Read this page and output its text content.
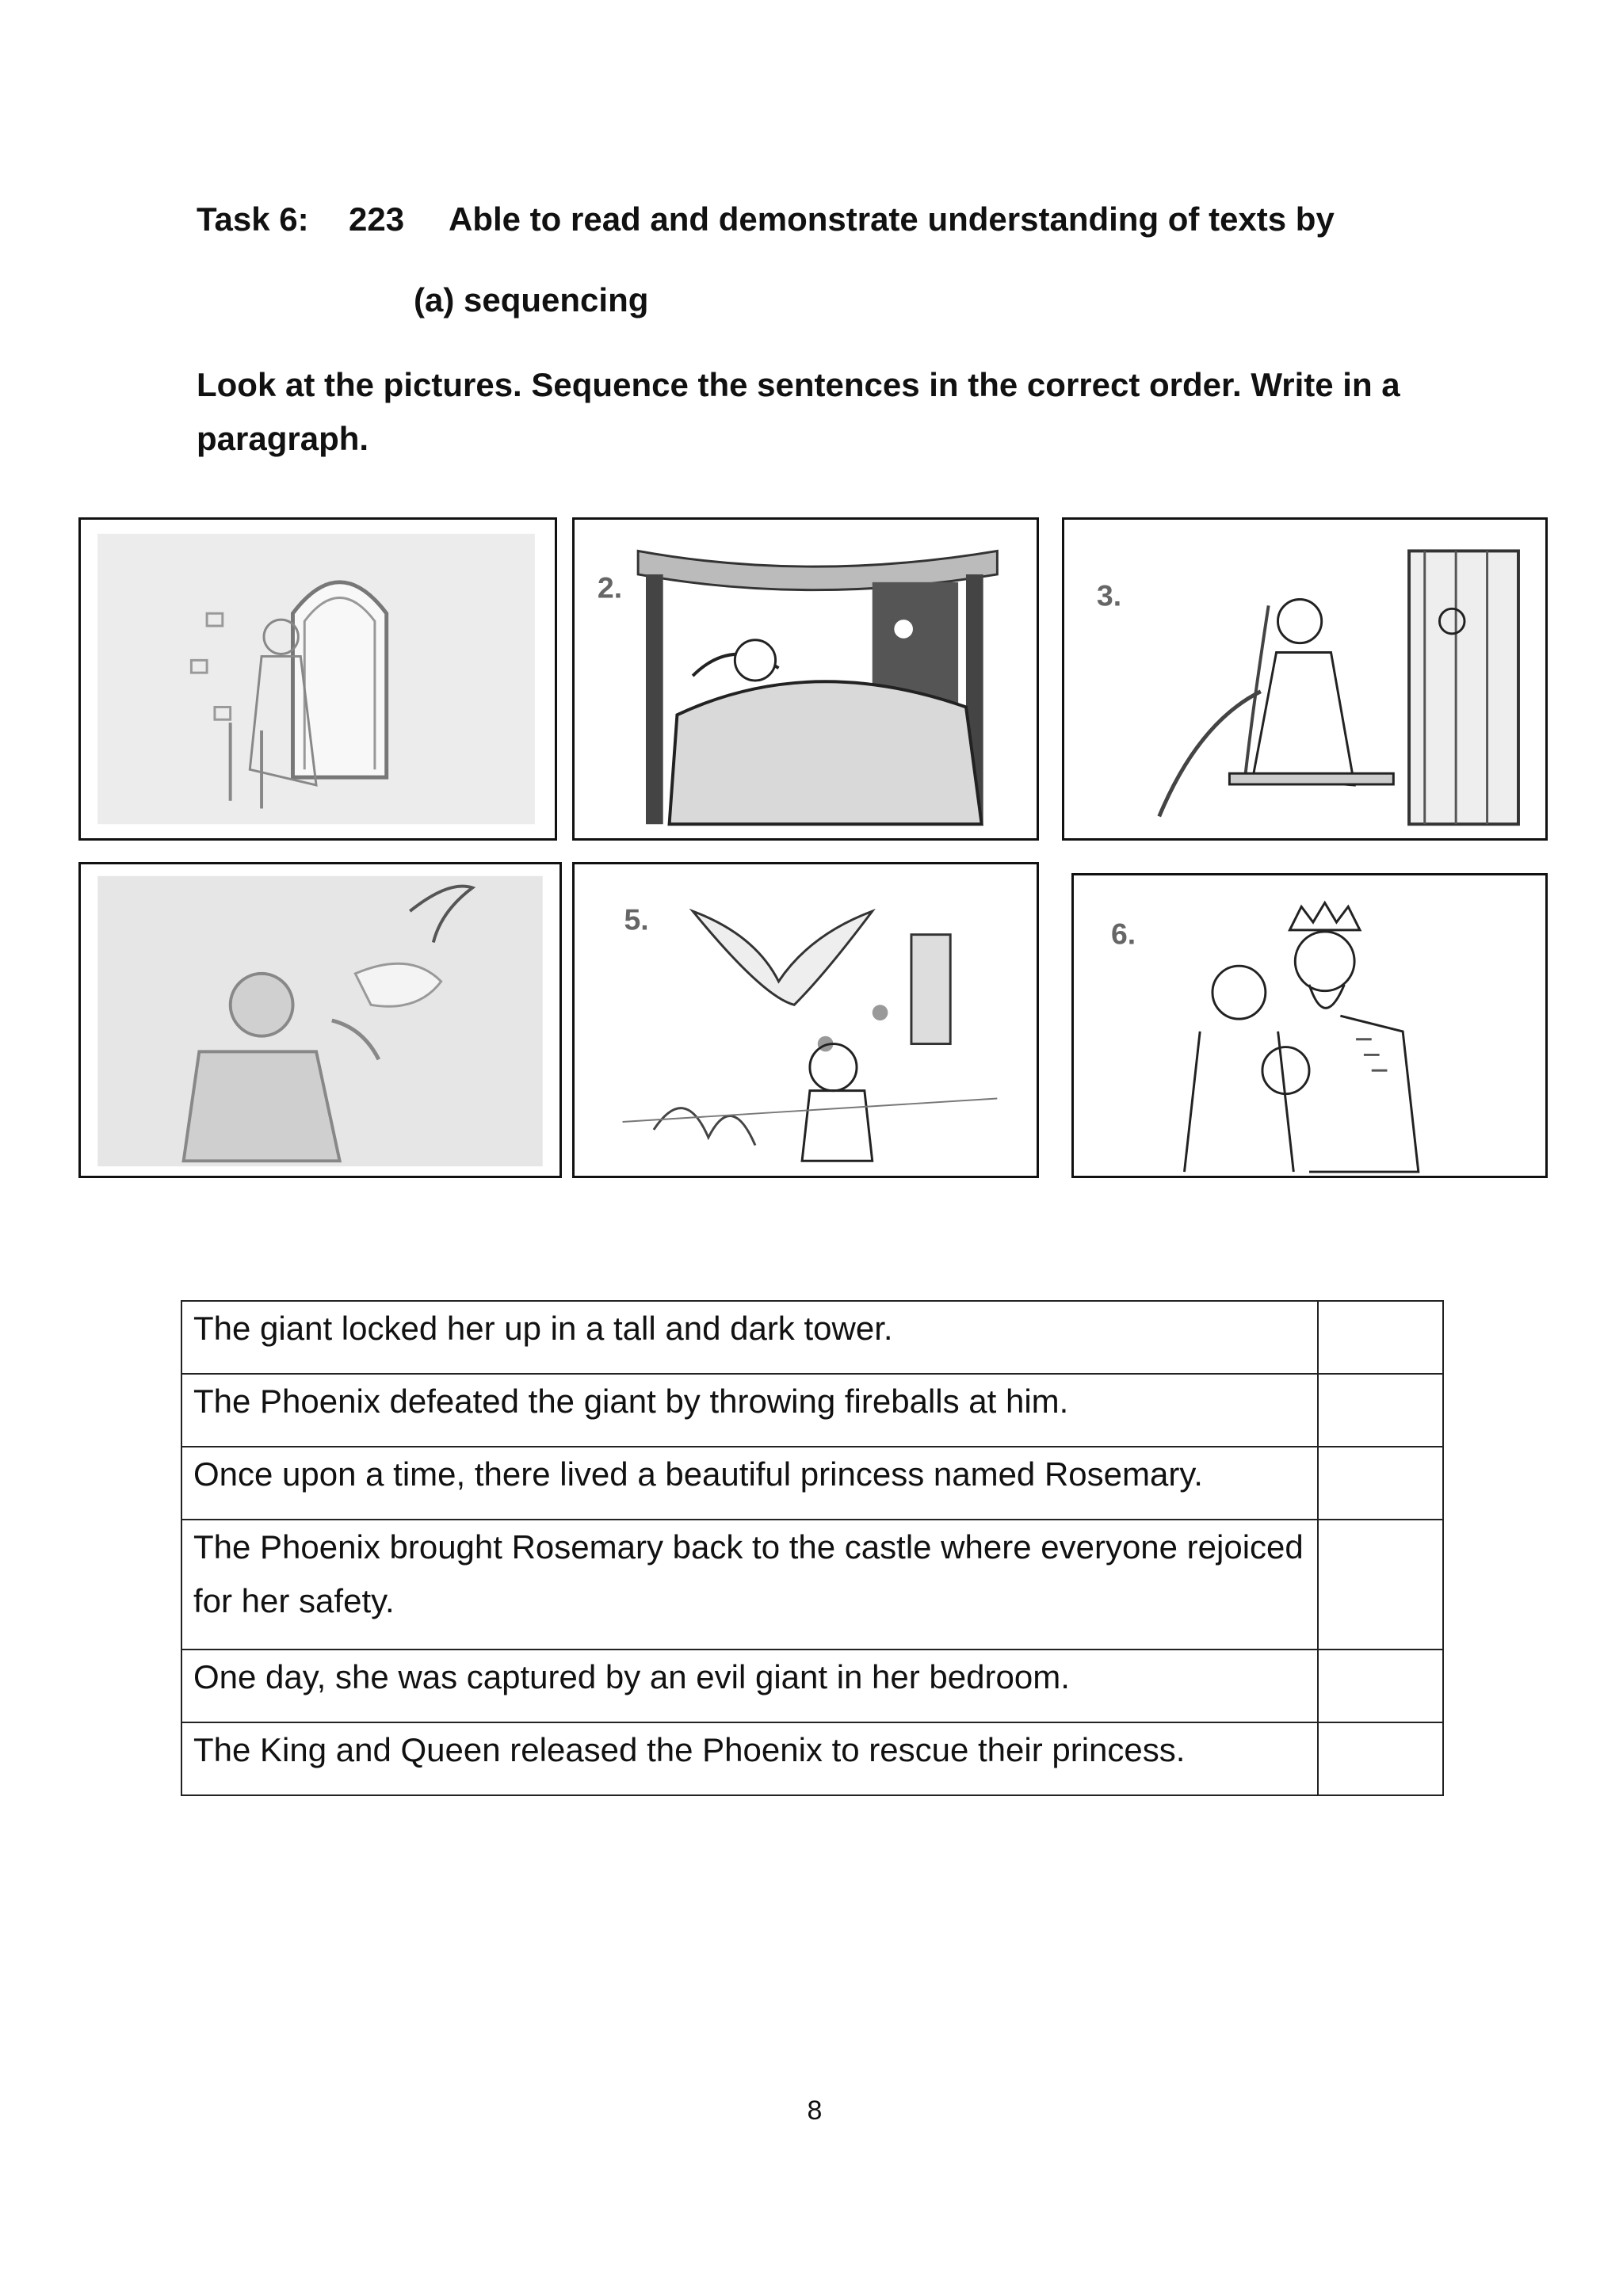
Task 6: 223 Able to read and demonstrate understanding of texts by
(a) sequencing
Look at the pictures. Sequence the sentences in the correct order. Write in a paragraph.
2.	3.
5.	6.
The giant locked her up in a tall and dark tower.	
The Phoenix defeated the giant by throwing fireballs at him.	
Once upon a time, there lived a beautiful princess named Rosemary.	
The Phoenix brought Rosemary back to the castle where everyone rejoiced for her safety.	
One day, she was captured by an evil giant in her bedroom.	
The King and Queen released the Phoenix to rescue their princess.	
8
